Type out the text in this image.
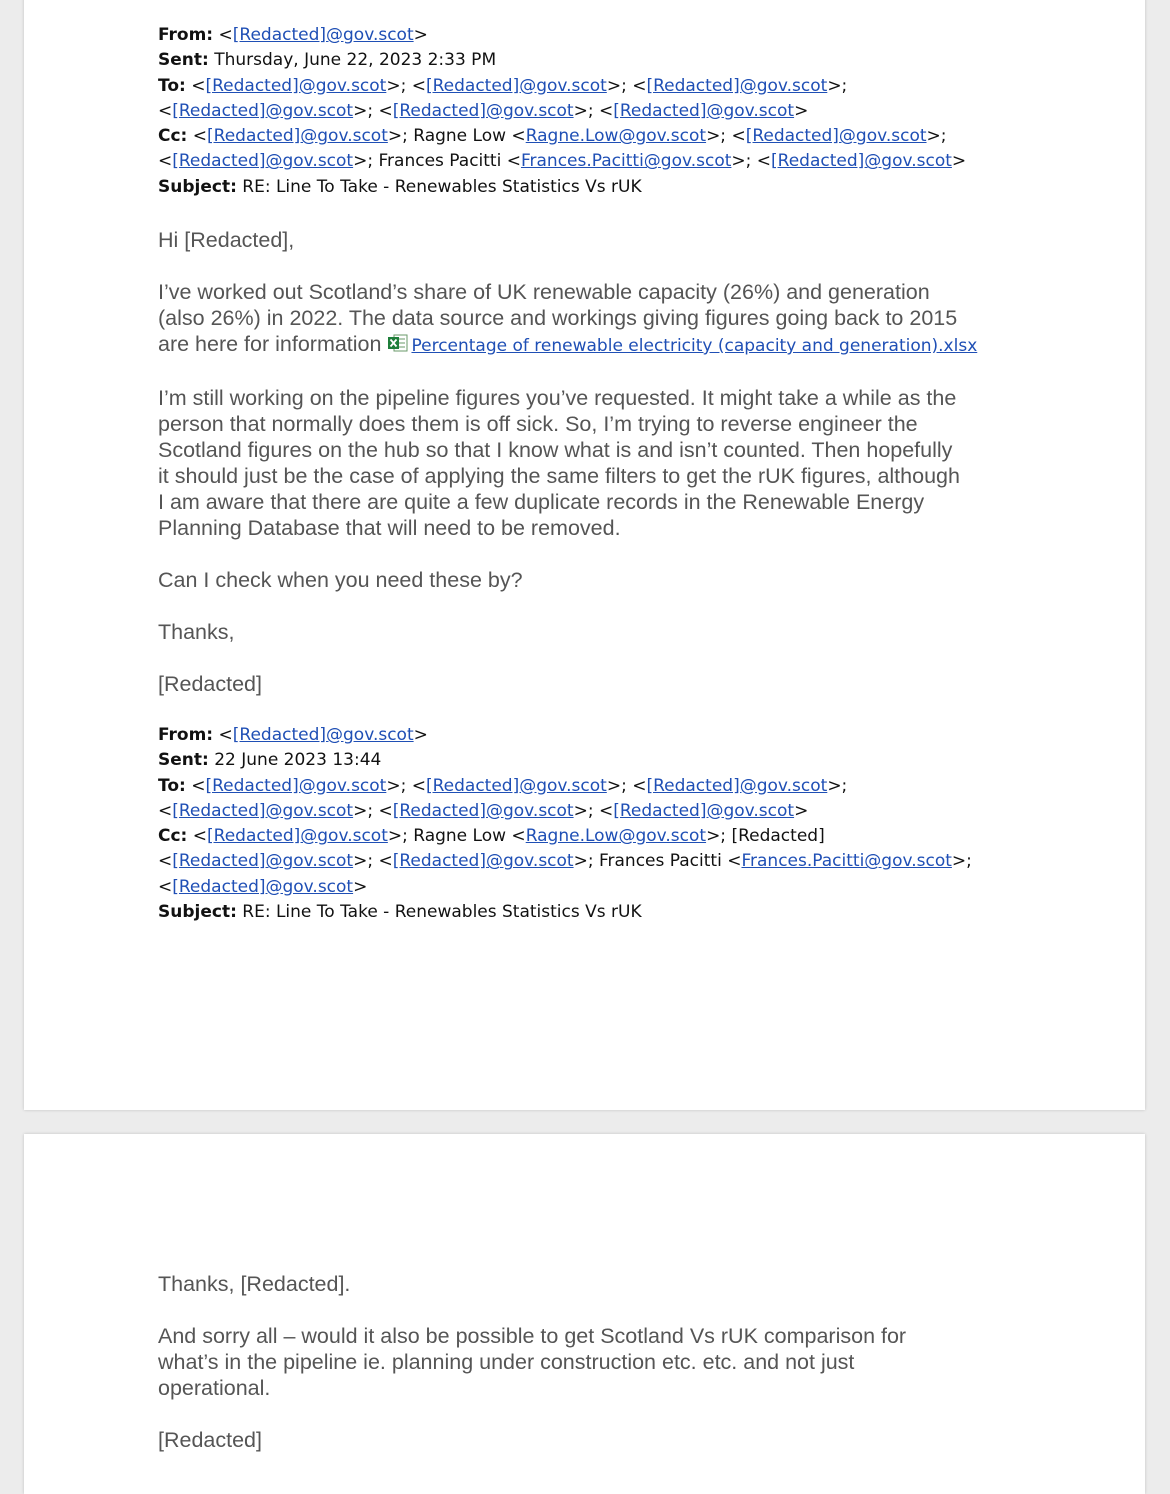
From: <[Redacted]@gov.scot>
Sent: Thursday, June 22, 2023 2:33 PM
To: <[Redacted]@gov.scot>; <[Redacted]@gov.scot>; <[Redacted]@gov.scot>;
<[Redacted]@gov.scot>; <[Redacted]@gov.scot>; <[Redacted]@gov.scot>
Cc: <[Redacted]@gov.scot>; Ragne Low <Ragne.Low@gov.scot>; <[Redacted]@gov.scot>;
<[Redacted]@gov.scot>; Frances Pacitti <Frances.Pacitti@gov.scot>; <[Redacted]@gov.scot>
Subject: RE: Line To Take - Renewables Statistics Vs rUK
Hi [Redacted],
I’ve worked out Scotland’s share of UK renewable capacity (26%) and generation
(also 26%) in 2022. The data source and workings giving figures going back to 2015
are here for information Percentage of renewable electricity (capacity and generation).xlsx
I’m still working on the pipeline figures you’ve requested. It might take a while as the
person that normally does them is off sick. So, I’m trying to reverse engineer the
Scotland figures on the hub so that I know what is and isn’t counted. Then hopefully
it should just be the case of applying the same filters to get the rUK figures, although
I am aware that there are quite a few duplicate records in the Renewable Energy
Planning Database that will need to be removed.
Can I check when you need these by?
Thanks,
[Redacted]
From: <[Redacted]@gov.scot>
Sent: 22 June 2023 13:44
To: <[Redacted]@gov.scot>; <[Redacted]@gov.scot>; <[Redacted]@gov.scot>;
<[Redacted]@gov.scot>; <[Redacted]@gov.scot>; <[Redacted]@gov.scot>
Cc: <[Redacted]@gov.scot>; Ragne Low <Ragne.Low@gov.scot>; [Redacted]
<[Redacted]@gov.scot>; <[Redacted]@gov.scot>; Frances Pacitti <Frances.Pacitti@gov.scot>;
<[Redacted]@gov.scot>
Subject: RE: Line To Take - Renewables Statistics Vs rUK
Thanks, [Redacted].
And sorry all – would it also be possible to get Scotland Vs rUK comparison for
what’s in the pipeline ie. planning under construction etc. etc. and not just
operational.
[Redacted]
